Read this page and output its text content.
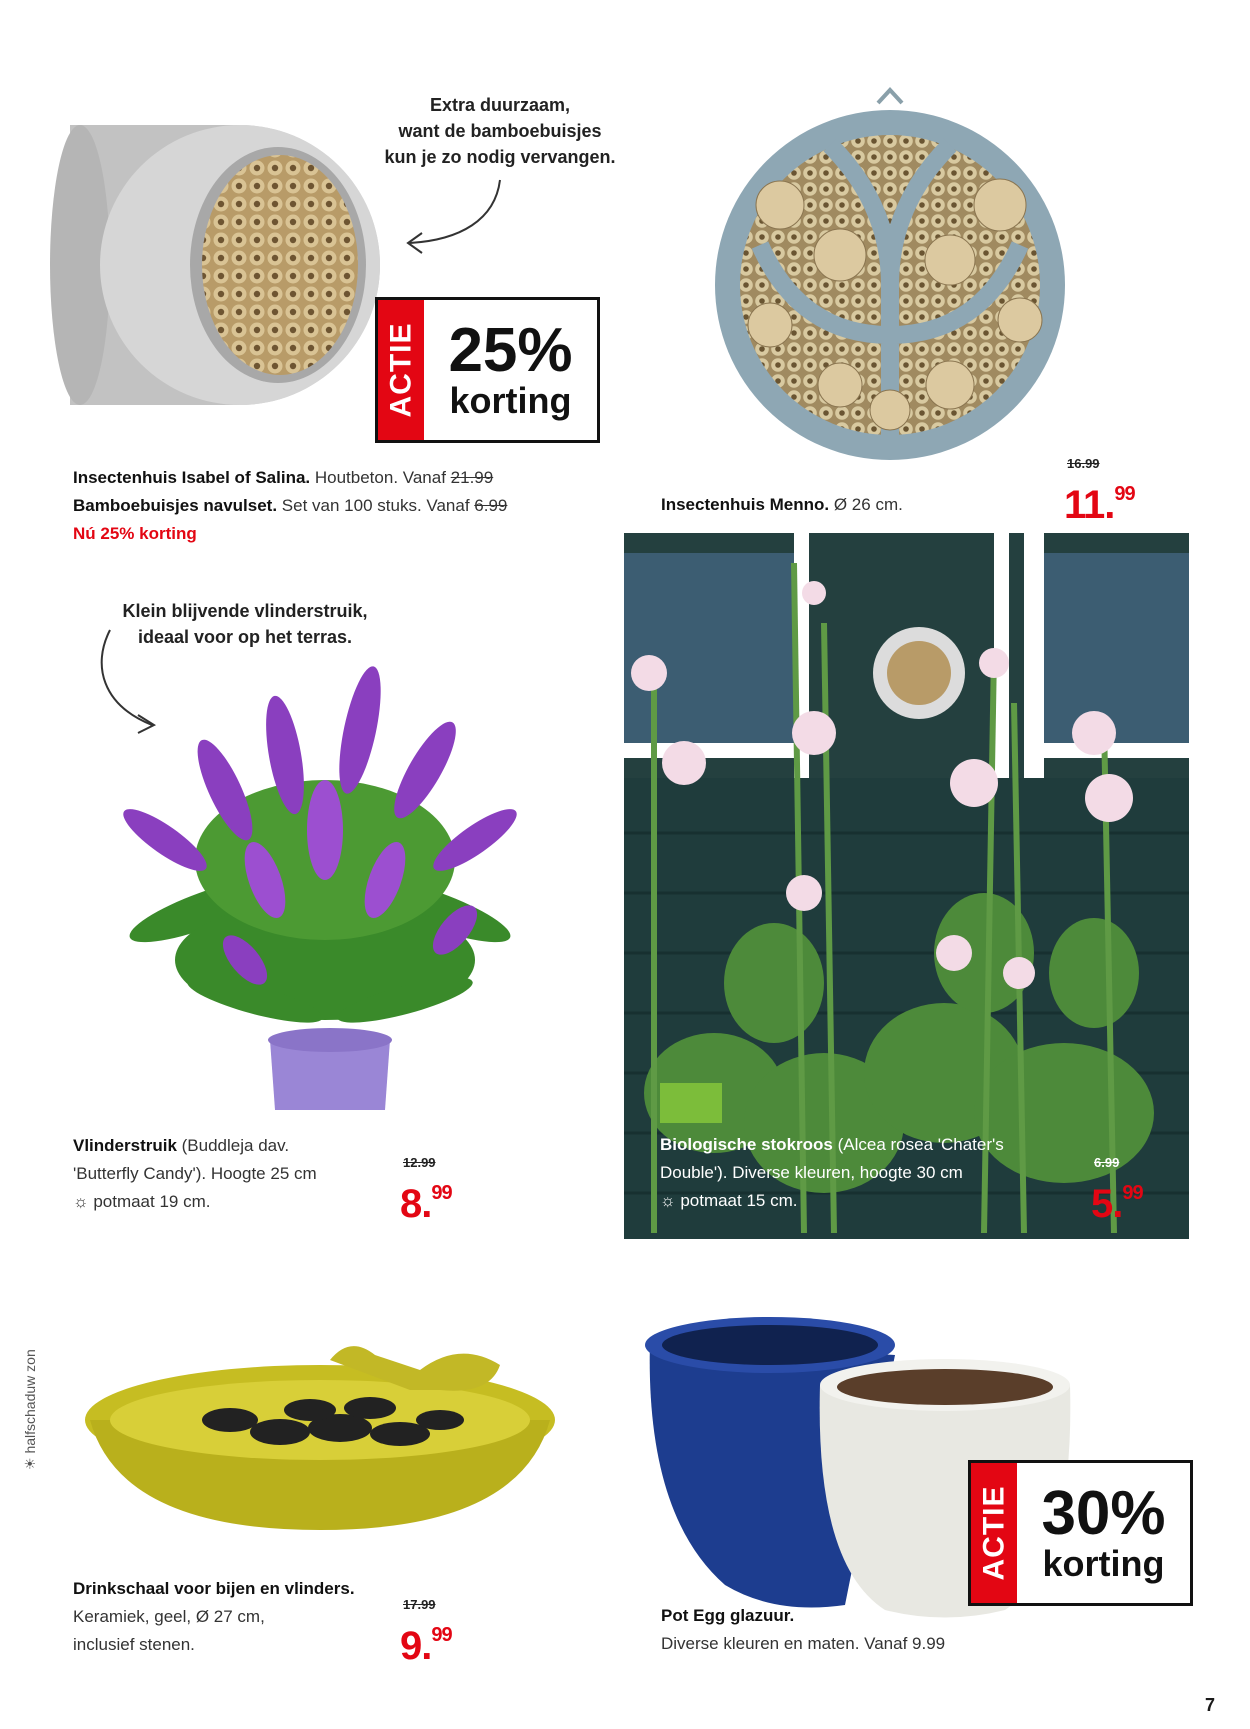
Extra duurzaam,
want de bamboebuisjes
kun je zo nodig vervangen.
ACTIE 25%
korting
Insectenhuis Isabel of Salina. Houtbeton. Vanaf 21.99
Bamboebuisjes navulset. Set van 100 stuks. Vanaf 6.99
Nú 25% korting
Insectenhuis Menno. Ø 26 cm.
16.99
11.99
Klein blijvende vlinderstruik,
ideaal voor op het terras.
Vlinderstruik (Buddleja dav.
'Butterfly Candy'). Hoogte 25 cm
☼ potmaat 19 cm.
12.99
8.99
Biologische stokroos (Alcea rosea 'Chater's
Double'). Diverse kleuren, hoogte 30 cm
☼ potmaat 15 cm.
6.99
5.99
Drinkschaal voor bijen en vlinders.
Keramiek, geel, Ø 27 cm,
inclusief stenen.
17.99
9.99
ACTIE 30%
korting
Pot Egg glazuur.
Diverse kleuren en maten. Vanaf 9.99
☀ halfschaduw zon
7
